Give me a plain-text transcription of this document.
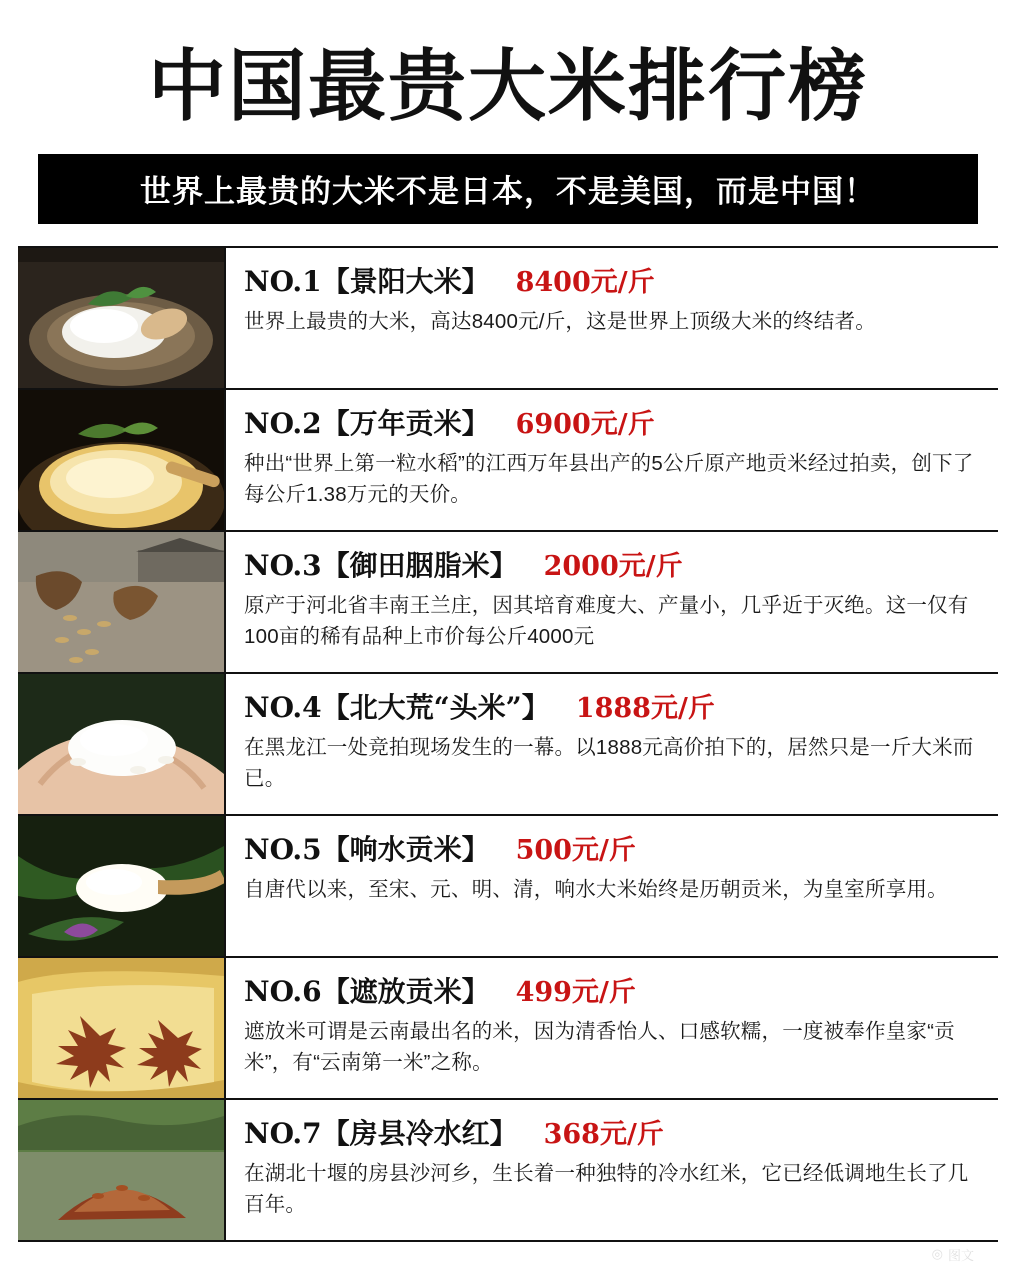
中国最贵大米排行榜
世界上最贵的大米不是日本，不是美国，而是中国！
NO.1【景阳大米】 8400元/斤
世界上最贵的大米，高达8400元/斤，这是世界上顶级大米的终结者。
NO.2【万年贡米】 6900元/斤
种出“世界上第一粒水稻”的江西万年县出产的5公斤原产地贡米经过拍卖，创下了每公斤1.38万元的天价。
NO.3【御田胭脂米】 2000元/斤
原产于河北省丰南王兰庄，因其培育难度大、产量小，几乎近于灭绝。这一仅有100亩的稀有品种上市价每公斤4000元
NO.4【北大荒“头米”】 1888元/斤
在黑龙江一处竞拍现场发生的一幕。以1888元高价拍下的，居然只是一斤大米而已。
NO.5【响水贡米】 500元/斤
自唐代以来，至宋、元、明、清，响水大米始终是历朝贡米，为皇室所享用。
NO.6【遮放贡米】 499元/斤
遮放米可谓是云南最出名的米，因为清香怡人、口感软糯，一度被奉作皇家“贡米”，有“云南第一米”之称。
NO.7【房县冷水红】 368元/斤
在湖北十堰的房县沙河乡，生长着一种独特的冷水红米，它已经低调地生长了几百年。
◎ 图文
